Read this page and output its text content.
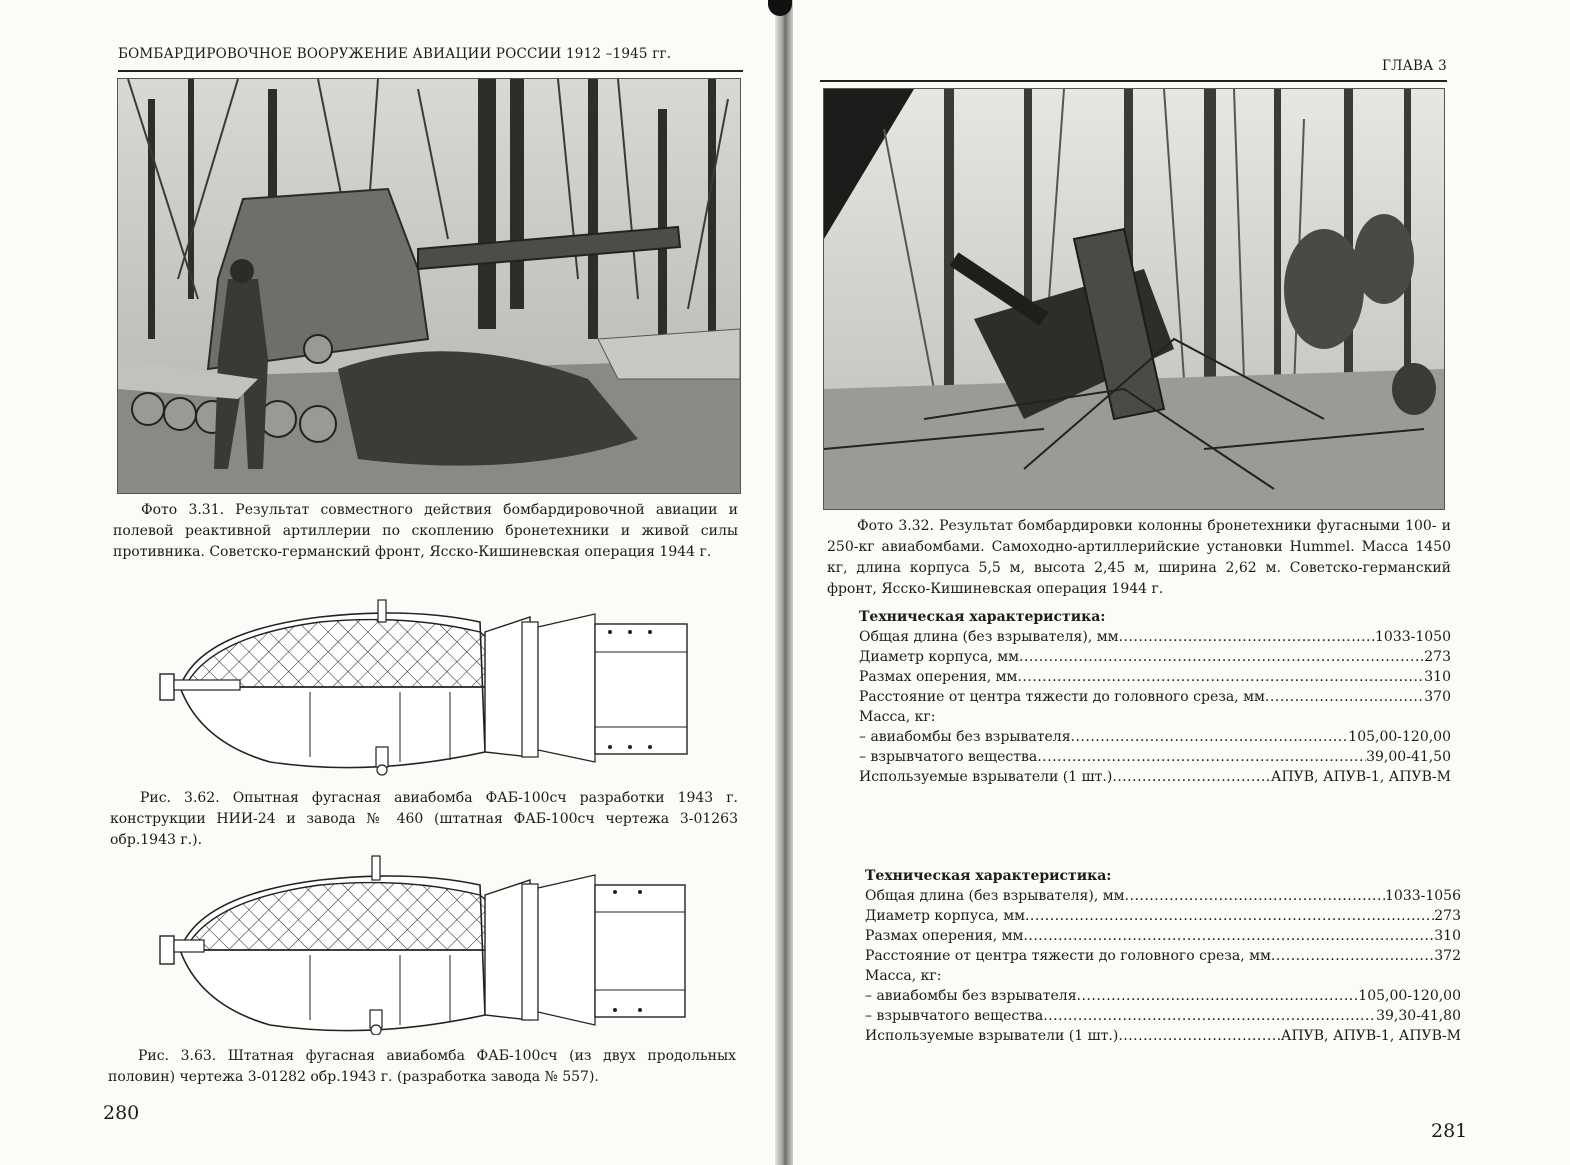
БОМБАРДИРОВОЧНОЕ ВООРУЖЕНИЕ АВИАЦИИ РОССИИ 1912 –1945 гг.
Фото 3.31. Результат совместного действия бомбардировочной авиации и полевой реактивной артиллерии по скоплению бронетехники и живой силы противника. Советско-германский фронт, Ясско-Кишиневская операция 1944 г.
Рис. 3.62. Опытная фугасная авиабомба ФАБ-100сч разработки 1943 г. конструкции НИИ-24 и завода № 460 (штатная ФАБ-100сч чертежа 3-01263 обр.1943 г.).
Рис. 3.63. Штатная фугасная авиабомба ФАБ-100сч (из двух продольных половин) чертежа 3-01282 обр.1943 г. (разработка завода № 557).
280
ГЛАВА 3
Фото 3.32. Результат бомбардировки колонны бронетехники фугасными 100- и 250-кг авиабомбами. Самоходно-артиллерийские установки Hummel. Масса 1450 кг, длина корпуса 5,5 м, высота 2,45 м, ширина 2,62 м. Советско-германский фронт, Ясско-Кишиневская операция 1944 г.
Техническая характеристика:
Общая длина (без взрывателя), мм .....	1033-1050
Диаметр корпуса, мм .....	273
Размах оперения, мм .....	310
Расстояние от центра тяжести до головного среза, мм .....	370
Масса, кг:
– авиабомбы без взрывателя .....	105,00-120,00
– взрывчатого вещества .....	39,00-41,50
Используемые взрыватели (1 шт.) .....	АПУВ, АПУВ-1, АПУВ-М
Техническая характеристика:
Общая длина (без взрывателя), мм .....	1033-1056
Диаметр корпуса, мм .....	273
Размах оперения, мм .....	310
Расстояние от центра тяжести до головного среза, мм .....	372
Масса, кг:
– авиабомбы без взрывателя .....	105,00-120,00
– взрывчатого вещества .....	39,30-41,80
Используемые взрыватели (1 шт.) .....	АПУВ, АПУВ-1, АПУВ-М
281
